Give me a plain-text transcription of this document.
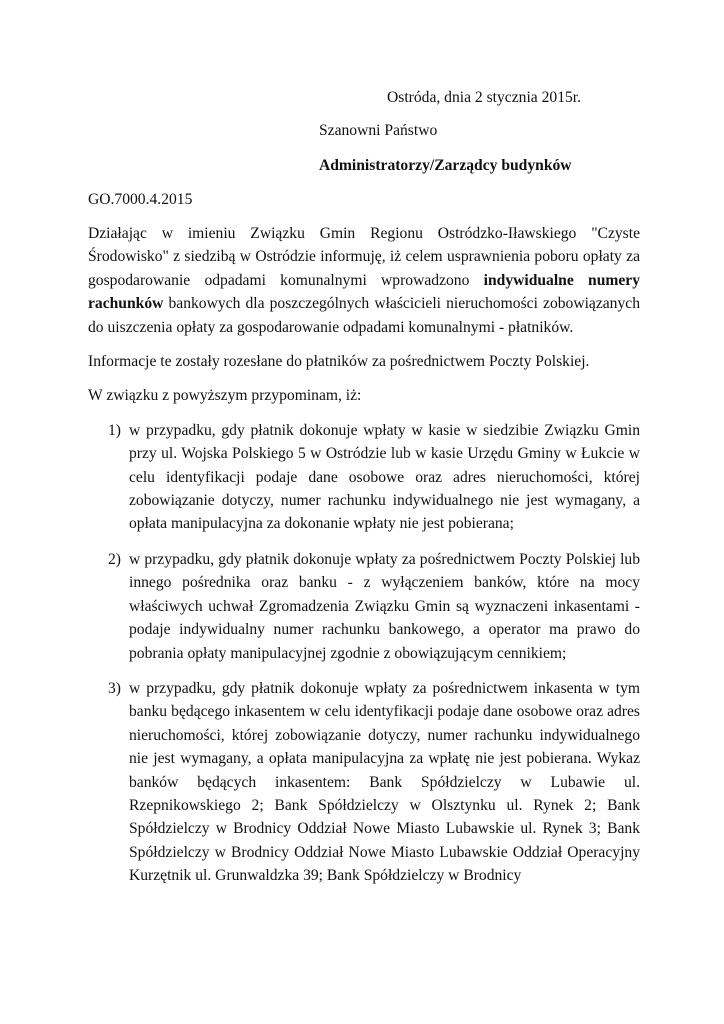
Ostróda, dnia 2 stycznia 2015r.
Szanowni Państwo
Administratorzy/Zarządcy budynków
GO.7000.4.2015

Działając w imieniu Związku Gmin Regionu Ostródzko-Iławskiego "Czyste Środowisko" z siedzibą w Ostródzie informuję, iż celem usprawnienia poboru opłaty za gospodarowanie odpadami komunalnymi wprowadzono indywidualne numery rachunków bankowych dla poszczególnych właścicieli nieruchomości zobowiązanych do uiszczenia opłaty za gospodarowanie odpadami komunalnymi - płatników.

Informacje te zostały rozesłane do płatników za pośrednictwem Poczty Polskiej.

W związku z powyższym przypominam, iż:

1) w przypadku, gdy płatnik dokonuje wpłaty w kasie w siedzibie Związku Gmin przy ul. Wojska Polskiego 5 w Ostródzie lub w kasie Urzędu Gminy w Łukcie w celu identyfikacji podaje dane osobowe oraz adres nieruchomości, której zobowiązanie dotyczy, numer rachunku indywidualnego nie jest wymagany, a opłata manipulacyjna za dokonanie wpłaty nie jest pobierana;
2) w przypadku, gdy płatnik dokonuje wpłaty za pośrednictwem Poczty Polskiej lub innego pośrednika oraz banku - z wyłączeniem banków, które na mocy właściwych uchwał Zgromadzenia Związku Gmin są wyznaczeni inkasentami - podaje indywidualny numer rachunku bankowego, a operator ma prawo do pobrania opłaty manipulacyjnej zgodnie z obowiązującym cennikiem;
3) w przypadku, gdy płatnik dokonuje wpłaty za pośrednictwem inkasenta w tym banku będącego inkasentem w celu identyfikacji podaje dane osobowe oraz adres nieruchomości, której zobowiązanie dotyczy, numer rachunku indywidualnego nie jest wymagany, a opłata manipulacyjna za wpłatę nie jest pobierana. Wykaz banków będących inkasentem: Bank Spółdzielczy w Lubawie ul. Rzepnikowskiego 2; Bank Spółdzielczy w Olsztynku ul. Rynek 2; Bank Spółdzielczy w Brodnicy Oddział Nowe Miasto Lubawskie ul. Rynek 3; Bank Spółdzielczy w Brodnicy Oddział Nowe Miasto Lubawskie Oddział Operacyjny Kurzętnik ul. Grunwaldzka 39; Bank Spółdzielczy w Brodnicy
